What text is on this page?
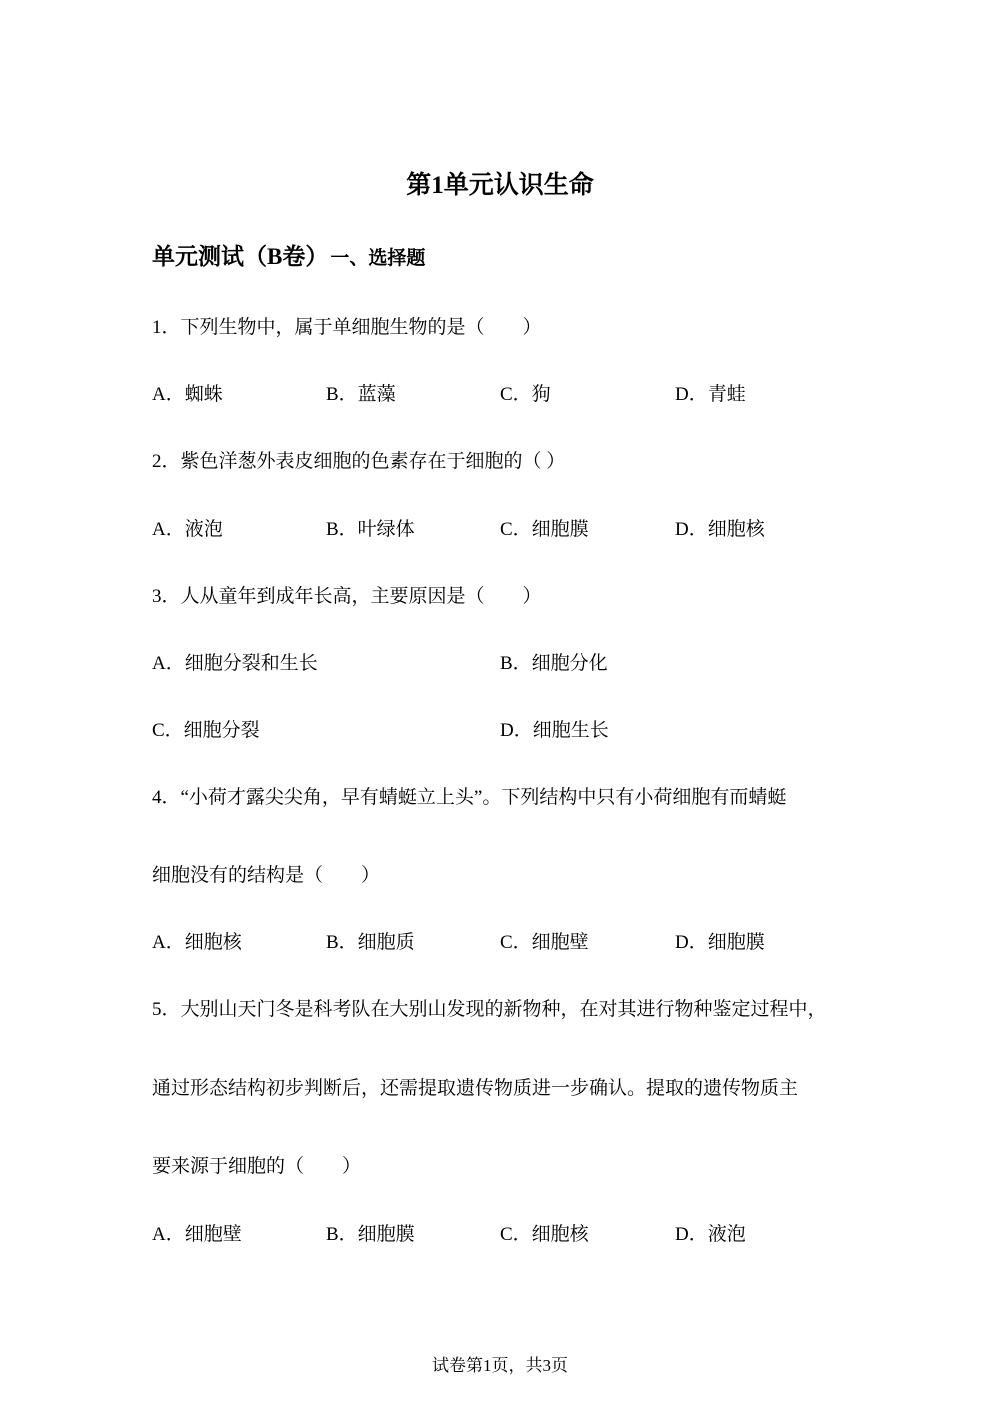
第1单元认识生命
单元测试（B卷） 一、选择题
1．下列生物中，属于单细胞生物的是（　　）
A．蜘蛛	B．蓝藻	C．狗	D．青蛙
2．紫色洋葱外表皮细胞的色素存在于细胞的（ ）
A．液泡	B．叶绿体	C．细胞膜	D．细胞核
3．人从童年到成年长高，主要原因是（　　）
A．细胞分裂和生长	B．细胞分化
C．细胞分裂	D．细胞生长
4．“小荷才露尖尖角，早有蜻蜓立上头”。下列结构中只有小荷细胞有而蜻蜓
细胞没有的结构是（　　）
A．细胞核	B．细胞质	C．细胞壁	D．细胞膜
5．大别山天门冬是科考队在大别山发现的新物种，在对其进行物种鉴定过程中，
通过形态结构初步判断后，还需提取遗传物质进一步确认。提取的遗传物质主
要来源于细胞的（　　）
A．细胞壁	B．细胞膜	C．细胞核	D．液泡
试卷第1页，共3页
